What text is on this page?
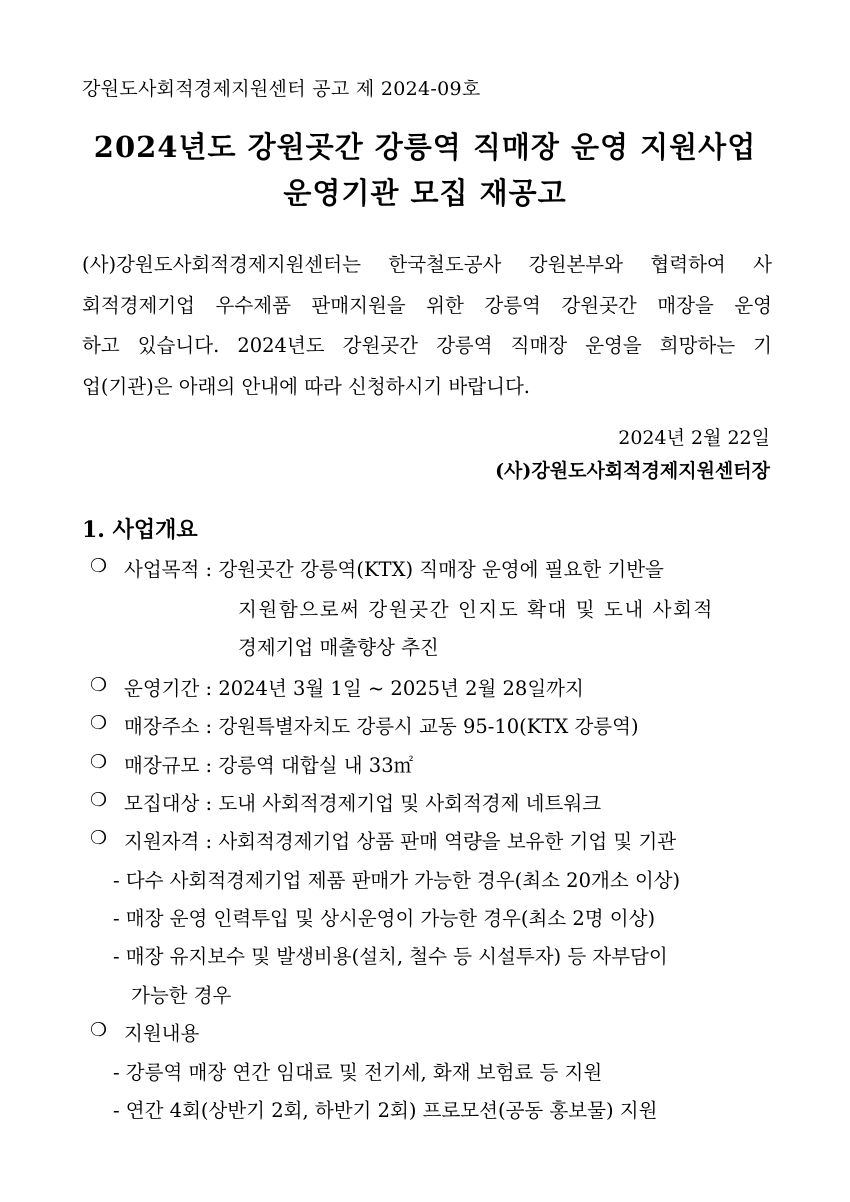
강원도사회적경제지원센터 공고 제 2024-09호
2024년도 강원곳간 강릉역 직매장 운영 지원사업
운영기관 모집 재공고
(사)강원도사회적경제지원센터는 한국철도공사 강원본부와 협력하여 사
회적경제기업 우수제품 판매지원을 위한 강릉역 강원곳간 매장을 운영
하고 있습니다. 2024년도 강원곳간 강릉역 직매장 운영을 희망하는 기
업(기관)은 아래의 안내에 따라 신청하시기 바랍니다.
2024년 2월 22일
(사)강원도사회적경제지원센터장
1. 사업개요
❍ 사업목적 : 강원곳간 강릉역(KTX) 직매장 운영에 필요한 기반을
지원함으로써 강원곳간 인지도 확대 및 도내 사회적
경제기업 매출향상 추진
❍ 운영기간 : 2024년 3월 1일 ~ 2025년 2월 28일까지
❍ 매장주소 : 강원특별자치도 강릉시 교동 95-10(KTX 강릉역)
❍ 매장규모 : 강릉역 대합실 내 33㎡
❍ 모집대상 : 도내 사회적경제기업 및 사회적경제 네트워크
❍ 지원자격 : 사회적경제기업 상품 판매 역량을 보유한 기업 및 기관
- 다수 사회적경제기업 제품 판매가 가능한 경우(최소 20개소 이상)
- 매장 운영 인력투입 및 상시운영이 가능한 경우(최소 2명 이상)
- 매장 유지보수 및 발생비용(설치, 철수 등 시설투자) 등 자부담이
가능한 경우
❍ 지원내용
- 강릉역 매장 연간 임대료 및 전기세, 화재 보험료 등 지원
- 연간 4회(상반기 2회, 하반기 2회) 프로모션(공동 홍보물) 지원
